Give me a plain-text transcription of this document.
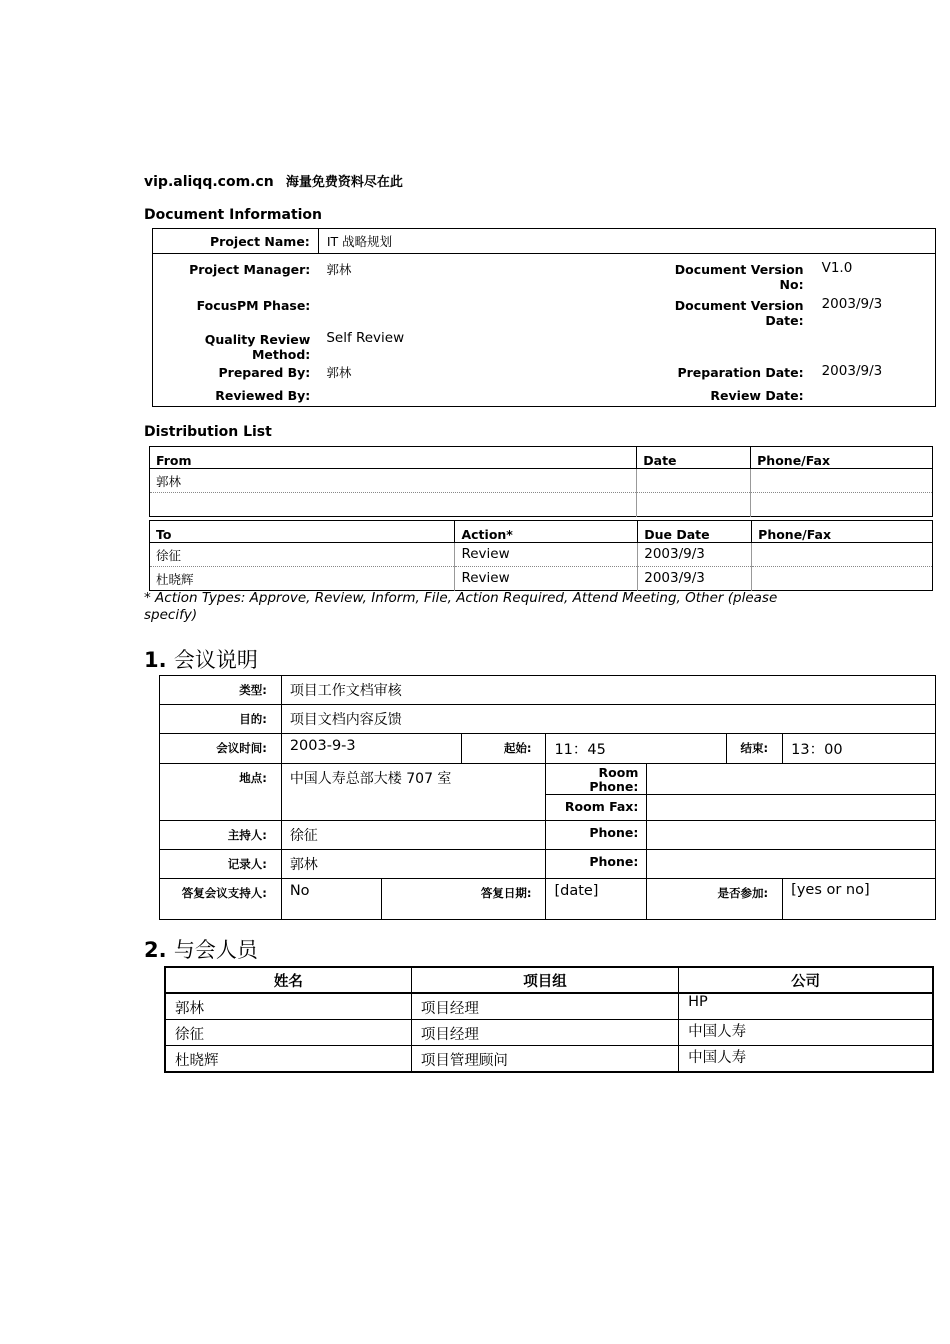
vip.aliqq.com.cn 海量免费资料尽在此
Document Information
Project Name:	IT 战略规划		
Project Manager:	郭林	Document Version No:	V1.0
FocusPM Phase:		Document Version Date:	2003/9/3
Quality Review Method:	Self Review		
Prepared By:	郭林	Preparation Date:	2003/9/3
Reviewed By:		Review Date:	
Distribution List
From	Date	Phone/Fax
郭林		

To	Action*	Due Date	Phone/Fax
徐征	Review	2003/9/3	
杜晓辉	Review	2003/9/3	
* Action Types: Approve, Review, Inform, File, Action Required, Attend Meeting, Other (please specify)
1. 会议说明
类型:	项目工作文档审核						
目的:	项目文档内容反馈						
会议时间:	2003-9-3		起始:	11：45		结束:	13：00
地点:	中国人寿总部大楼 707 室			Room Phone:			
				Room Fax:			
主持人:	徐征			Phone:			
记录人:	郭林			Phone:			
答复会议支持人:	No	答复日期:		[date]	是否参加:		[yes or no]
2. 与会人员
姓名	项目组	公司
郭林	项目经理	HP
徐征	项目经理	中国人寿
杜晓辉	项目管理顾问	中国人寿
